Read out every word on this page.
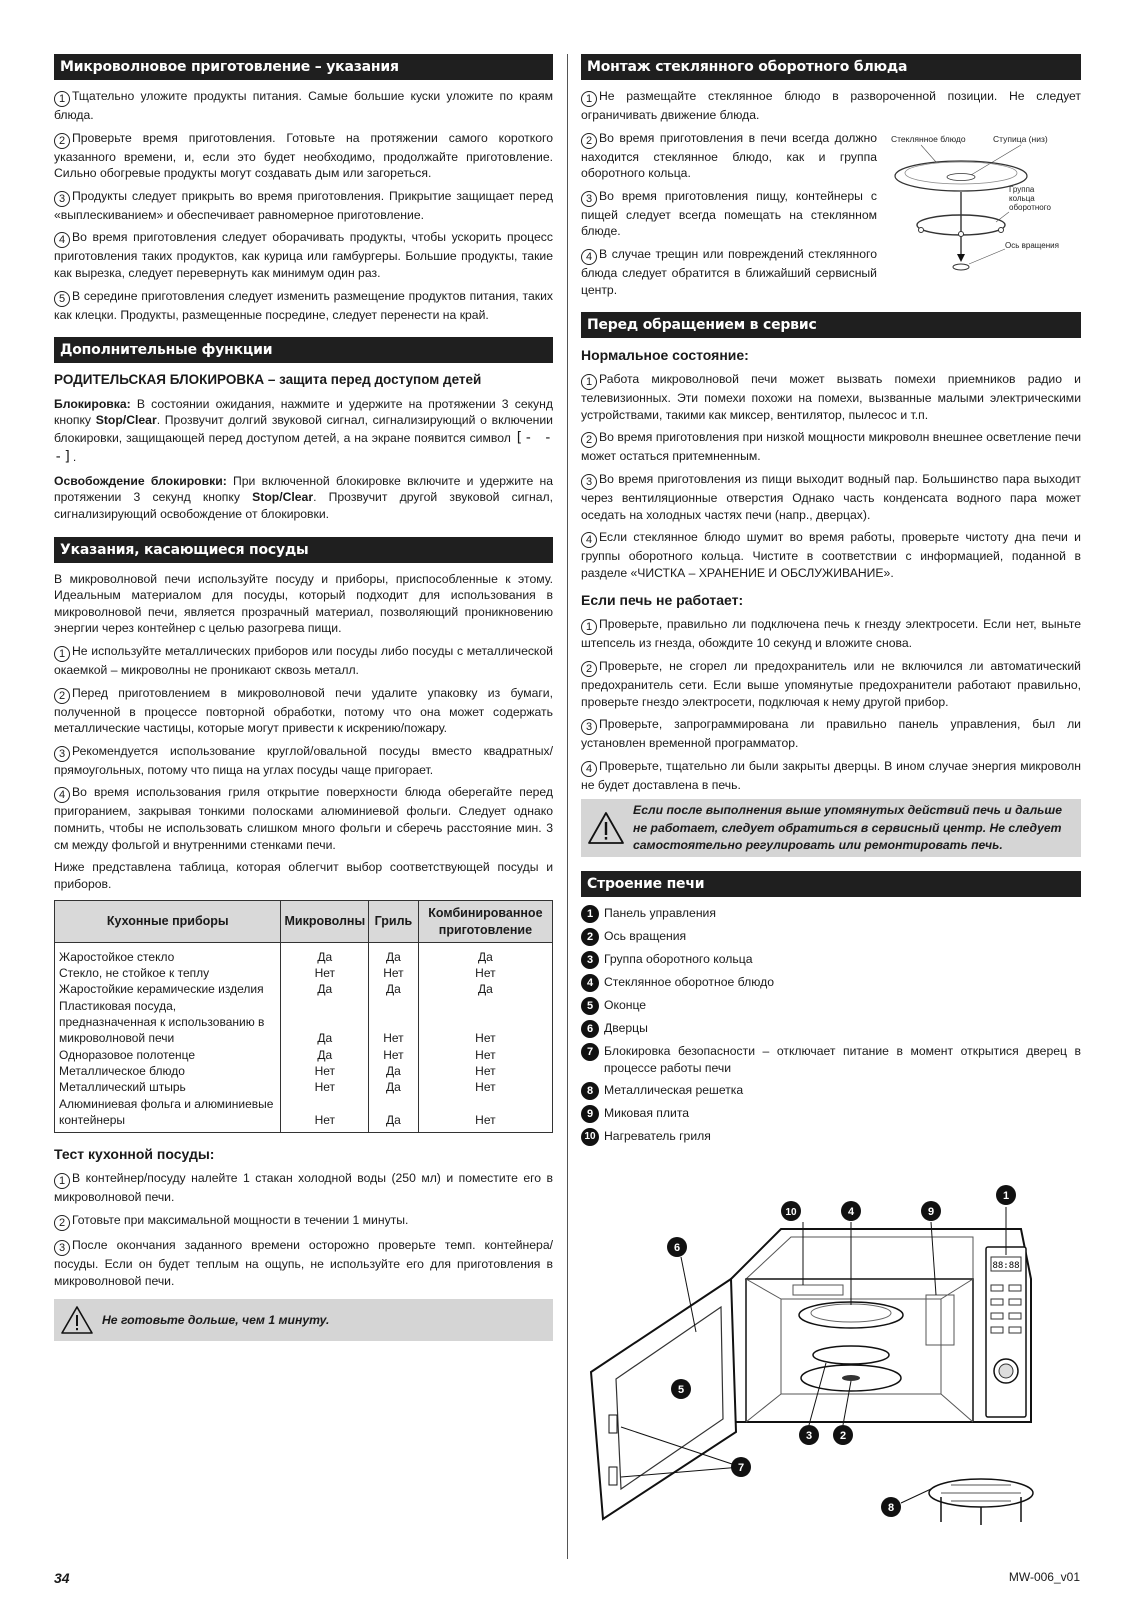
Микроволновое приготовление – указания

1 Тщательно уложите продукты питания. Самые большие куски уложите по краям блюда.

2 Проверьте время приготовления. Готовьте на протяжении самого короткого указанного времени, и, если это будет необходимо, продолжайте приготовление. Сильно обогревые продукты могут создавать дым или загореться.

3 Продукты следует прикрыть во время приготовления. Прикрытие защищает перед «выплескиванием» и обеспечивает равномерное приготовление.

4 Во время приготовления следует оборачивать продукты, чтобы ускорить процесс приготовления таких продуктов, как курица или гамбургеры. Большие продукты, такие как вырезка, следует перевернуть как минимум один раз.

5 В середине приготовления следует изменить размещение продуктов питания, таких как клецки. Продукты, размещенные посредине, следует перенести на край.

Дополнительные функции
РОДИТЕЛЬСКАЯ БЛОКИРОВКА – защита перед доступом детей

Блокировка: В состоянии ожидания, нажмите и удержите на протяжении 3 секунд кнопку Stop/Clear. Прозвучит долгий звуковой сигнал, сигнализирующий о включении блокировки, защищающей перед доступом детей, а на экране появится символ [- - -].

Освобождение блокировки: При включенной блокировке включите и удержите на протяжении 3 секунд кнопку Stop/Clear. Прозвучит другой звуковой сигнал, сигнализирующий освобождение от блокировки.

Указания, касающиеся посуды

В микроволновой печи используйте посуду и приборы, приспособленные к этому. Идеальным материалом для посуды, который подходит для использования в микроволновой печи, является прозрачный материал, позволяющий проникновению энергии через контейнер с целью разогрева пищи.

1 Не используйте металлических приборов или посуды либо посуды с металлической окаемкой – микроволны не проникают сквозь металл.

2 Перед приготовлением в микроволновой печи удалите упаковку из бумаги, полученной в процессе повторной обработки, потому что она может содержать металлические частицы, которые могут привести к искрению/пожару.

3 Рекомендуется использование круглой/овальной посуды вместо квадратных/прямоугольных, потому что пища на углах посуды чаще пригорает.

4 Во время использования гриля открытие поверхности блюда оберегайте перед пригоранием, закрывая тонкими полосками алюминиевой фольги. Следует однако помнить, чтобы не использовать слишком много фольги и сберечь расстояние мин. 3 см между фольгой и внутренними стенками печи.

Ниже представлена таблица, которая облегчит выбор соответствующей посуды и приборов.

Кухонные приборы	Микроволны	Гриль	Комбинированное приготовление
Жаростойкое стекло	Да	Да	Да
Стекло, не стойкое к теплу	Нет	Нет	Нет
Жаростойкие керамические изделия	Да	Да	Да
Пластиковая посуда, предназначенная к использованию в микроволновой печи	Да	Нет	Нет
Одноразовое полотенце	Да	Нет	Нет
Металлическое блюдо	Нет	Да	Нет
Металлический штырь	Нет	Да	Нет
Алюминиевая фольга и алюминиевые контейнеры	Нет	Да	Нет
Тест кухонной посуды:

1 В контейнер/посуду налейте 1 стакан холодной воды (250 мл) и поместите его в микроволновой печи.

2 Готовьте при максимальной мощности в течении 1 минуты.

3 После окончания заданного времени осторожно проверьте темп. контейнера/посуды. Если он будет теплым на ощупь, не используйте его для приготовления в микроволновой печи.

Не готовьте дольше, чем 1 минуту.
Монтаж стеклянного оборотного блюда

1 Не размещайте стеклянное блюдо в развороченной позиции. Не следует ограничивать движение блюда.

2 Во время приготовления в печи всегда должно находится стеклянное блюдо, как и группа оборотного кольца.

3 Во время приготовления пищу, контейнеры с пищей следует всегда помещать на стеклянном блюде.

4 В случае трещин или повреждений стеклянного блюда следует обратится в ближайший сервисный центр.

Стеклянное блюдо	Ступица (низ)
Группа
кольца
оборотного
Ось вращения
Перед обращением в сервис
Нормальное состояние:

1 Работа микроволновой печи может вызвать помехи приемников радио и телевизионных. Эти помехи похожи на помехи, вызванные малыми электрическими устройствами, такими как миксер, вентилятор, пылесос и т.п.

2 Во время приготовления при низкой мощности микроволн внешнее осветление печи может остаться притемненным.

3 Во время приготовления из пищи выходит водный пар. Большинство пара выходит через вентиляционные отверстия Однако часть конденсата водного пара может оседать на холодных частях печи (напр., дверцах).

4 Если стеклянное блюдо шумит во время работы, проверьте чистоту дна печи и группы оборотного кольца. Чистите в соответствии с информацией, поданной в разделе «ЧИСТКА – ХРАНЕНИЕ И ОБСЛУЖИВАНИЕ».

Если печь не работает:

1 Проверьте, правильно ли подключена печь к гнезду электросети. Если нет, выньте штепсель из гнезда, обождите 10 секунд и вложите снова.

2 Проверьте, не сгорел ли предохранитель или не включился ли автоматический предохранитель сети. Если выше упомянутые предохранители работают правильно, проверьте гнездо электросети, подключая к нему другой прибор.

3 Проверьте, запрограммирована ли правильно панель управления, был ли установлен временной программатор.

4 Проверьте, тщательно ли были закрыты дверцы. В ином случае энергия микроволн не будет доставлена в печь.

Если после выполнения выше упомянутых действий печь и дальше не работает, следует обратиться в сервисный центр. Не следует самостоятельно регулировать или ремонтировать печь.
Строение печи
1 Панель управления
2 Ось вращения
3 Группа оборотного кольца
4 Стеклянное оборотное блюдо
5 Оконце
6 Дверцы
7 Блокировка безопасности – отключает питание в момент открытися дверец в процессе работы печи
8 Металлическая решетка
9 Миковая плита
10 Нагреватель гриля
88:88
1
2
3
4
5
6
7
8
9
10
34	MW-006_v01
